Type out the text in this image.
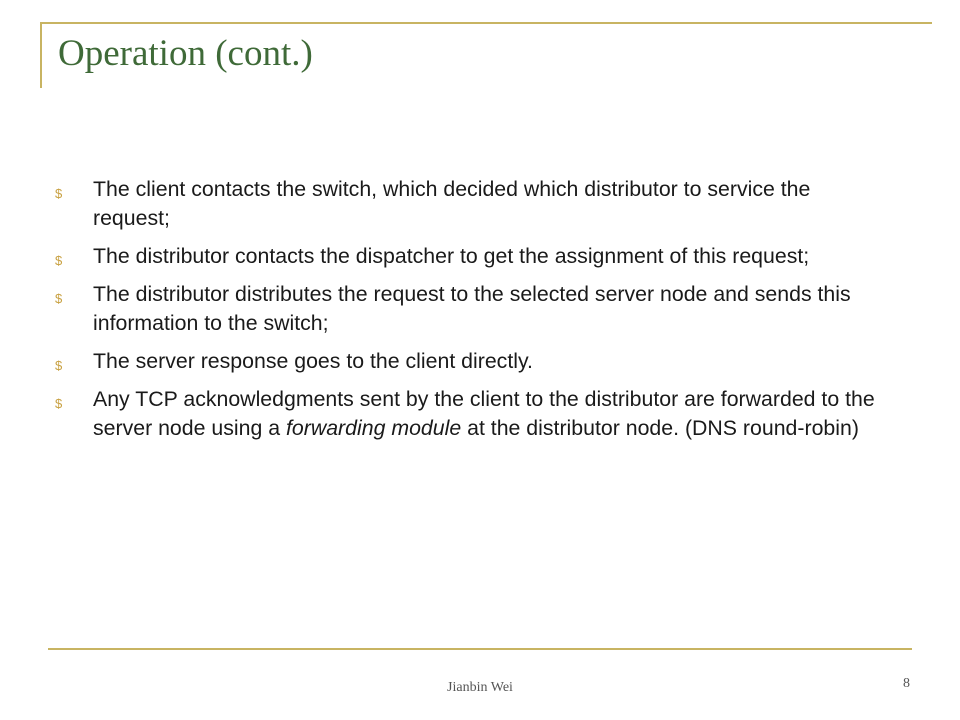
Operation (cont.)
$ The client contacts the switch, which decided which distributor to service the request;
$ The distributor contacts the dispatcher to get the assignment of this request;
$ The distributor distributes the request to the selected server node and sends this information to the switch;
$ The server response goes to the client directly.
$ Any TCP acknowledgments sent by the client to the distributor are forwarded to the server node using a forwarding module at the distributor node. (DNS round-robin)
Jianbin Wei	8
